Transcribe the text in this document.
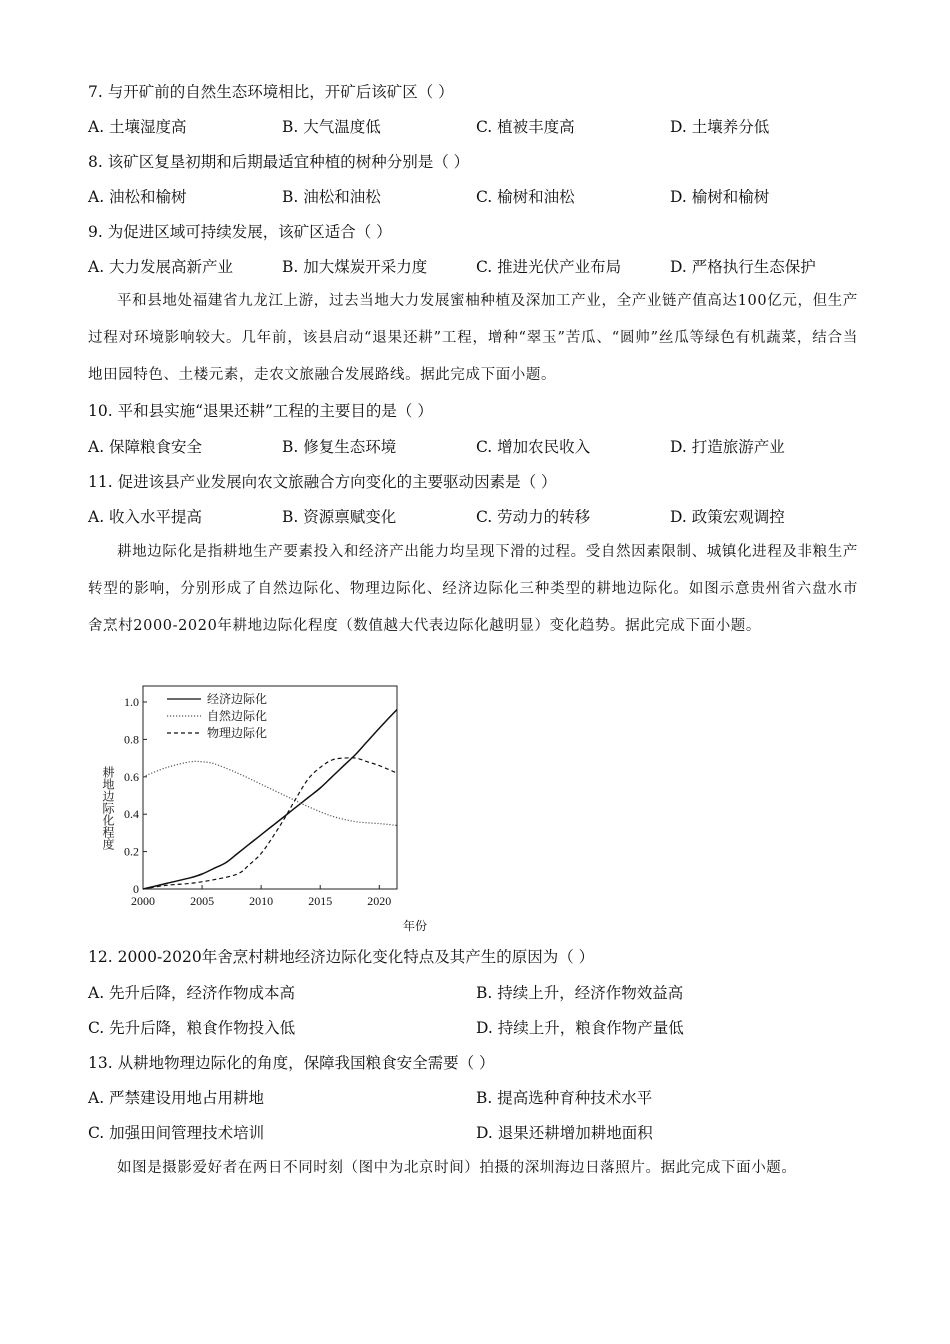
7. 与开矿前的自然生态环境相比，开矿后该矿区（ ）
A. 土壤湿度高	B. 大气温度低	C. 植被丰度高	D. 土壤养分低
8. 该矿区复垦初期和后期最适宜种植的树种分别是（ ）
A. 油松和榆树	B. 油松和油松	C. 榆树和油松	D. 榆树和榆树
9. 为促进区域可持续发展，该矿区适合（ ）
A. 大力发展高新产业	B. 加大煤炭开采力度	C. 推进光伏产业布局	D. 严格执行生态保护

平和县地处福建省九龙江上游，过去当地大力发展蜜柚种植及深加工产业，全产业链产值高达100亿元，但生产过程对环境影响较大。几年前，该县启动“退果还耕”工程，增种“翠玉”苦瓜、“圆帅”丝瓜等绿色有机蔬菜，结合当地田园特色、土楼元素，走农文旅融合发展路线。据此完成下面小题。

10. 平和县实施“退果还耕”工程的主要目的是（ ）
A. 保障粮食安全	B. 修复生态环境	C. 增加农民收入	D. 打造旅游产业
11. 促进该县产业发展向农文旅融合方向变化的主要驱动因素是（ ）
A. 收入水平提高	B. 资源禀赋变化	C. 劳动力的转移	D. 政策宏观调控

耕地边际化是指耕地生产要素投入和经济产出能力均呈现下滑的过程。受自然因素限制、城镇化进程及非粮生产转型的影响，分别形成了自然边际化、物理边际化、经济边际化三种类型的耕地边际化。如图示意贵州省六盘水市舍烹村2000-2020年耕地边际化程度（数值越大代表边际化越明显）变化趋势。据此完成下面小题。

2000	2005	2010	2015	2020
0
0.2
0.4
0.6
0.8
1.0	经济边际化
自然边际化
物理边际化
耕地边际化程度
年份
12. 2000-2020年舍烹村耕地经济边际化变化特点及其产生的原因为（ ）
A. 先升后降，经济作物成本高	B. 持续上升，经济作物效益高
C. 先升后降，粮食作物投入低	D. 持续上升，粮食作物产量低
13. 从耕地物理边际化的角度，保障我国粮食安全需要（ ）
A. 严禁建设用地占用耕地	B. 提高选种育种技术水平
C. 加强田间管理技术培训	D. 退果还耕增加耕地面积

如图是摄影爱好者在两日不同时刻（图中为北京时间）拍摄的深圳海边日落照片。据此完成下面小题。
